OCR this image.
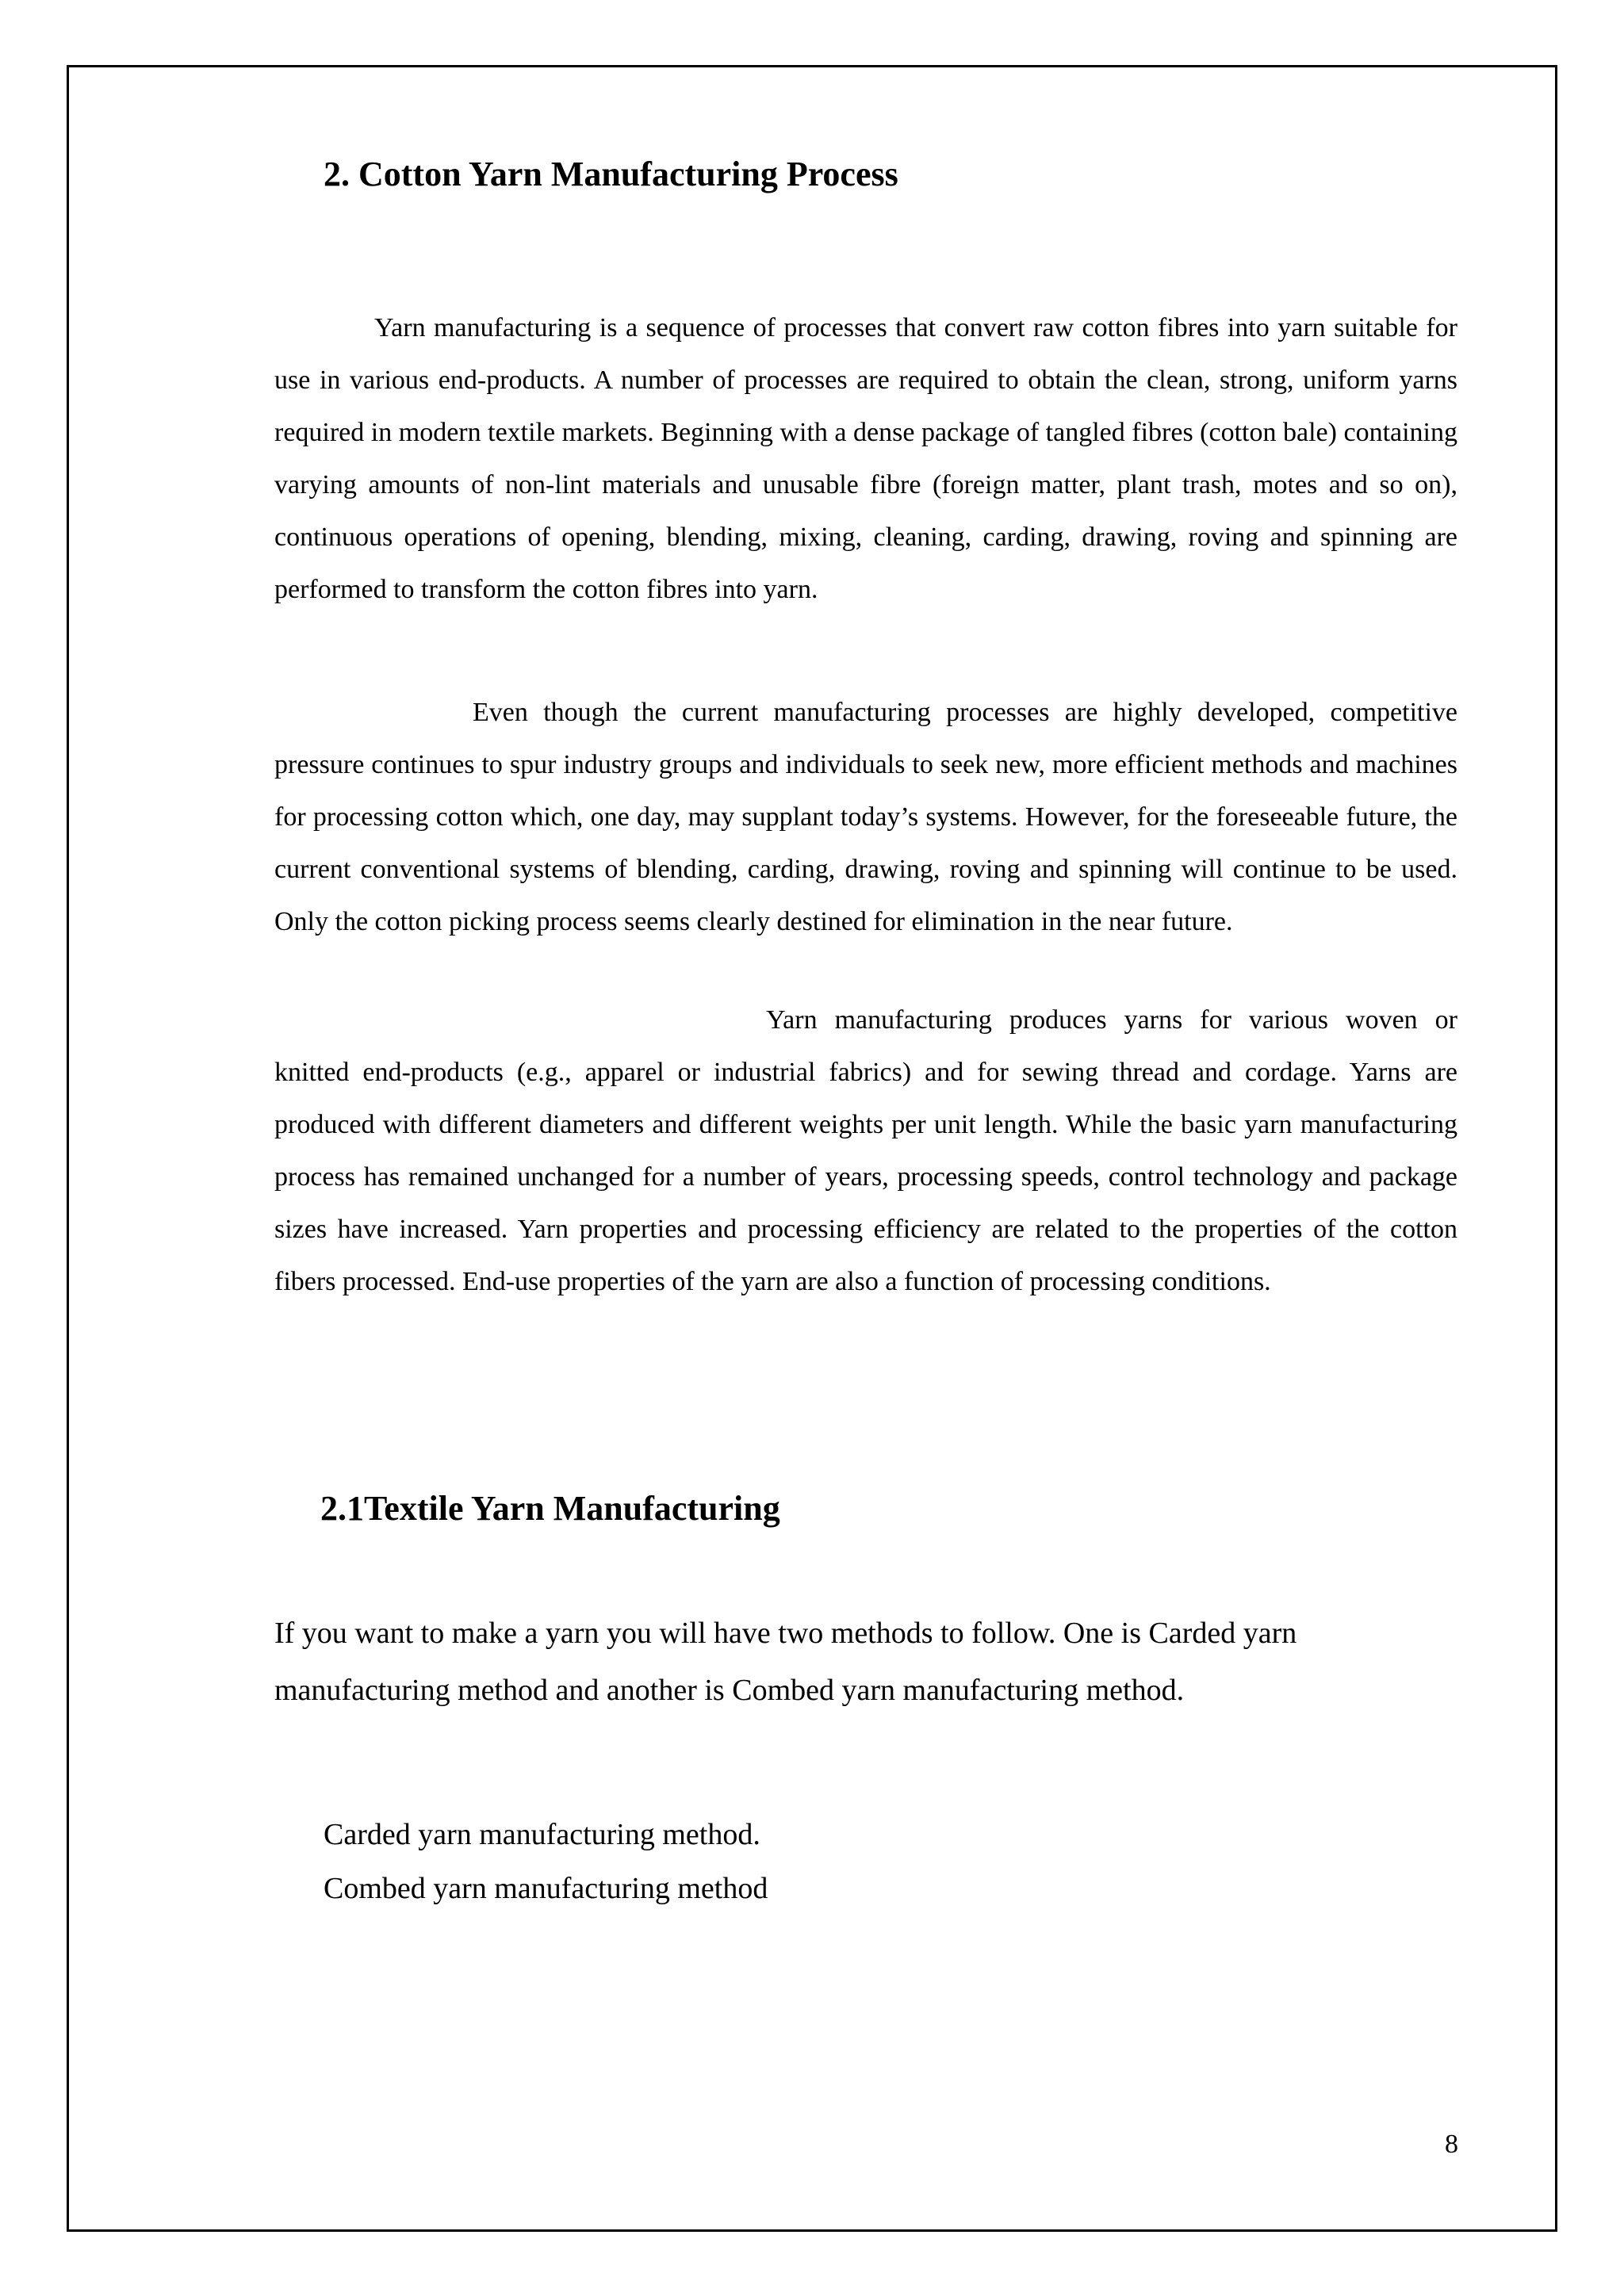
2. Cotton Yarn Manufacturing Process

Yarn manufacturing is a sequence of processes that convert raw cotton fibres into yarn suitable for use in various end-products. A number of processes are required to obtain the clean, strong, uniform yarns required in modern textile markets. Beginning with a dense package of tangled fibres (cotton bale) containing varying amounts of non-lint materials and unusable fibre (foreign matter, plant trash, motes and so on), continuous operations of opening, blending, mixing, cleaning, carding, drawing, roving and spinning are performed to transform the cotton fibres into yarn.

Even though the current manufacturing processes are highly developed, competitive pressure continues to spur industry groups and individuals to seek new, more efficient methods and machines for processing cotton which, one day, may supplant today’s systems. However, for the foreseeable future, the current conventional systems of blending, carding, drawing, roving and spinning will continue to be used. Only the cotton picking process seems clearly destined for elimination in the near future.

Yarn manufacturing produces yarns for various woven or knitted end-products (e.g., apparel or industrial fabrics) and for sewing thread and cordage. Yarns are produced with different diameters and different weights per unit length. While the basic yarn manufacturing process has remained unchanged for a number of years, processing speeds, control technology and package sizes have increased. Yarn properties and processing efficiency are related to the properties of the cotton fibers processed. End-use properties of the yarn are also a function of processing conditions.

2.1Textile Yarn Manufacturing

If you want to make a yarn you will have two methods to follow. One is Carded yarn manufacturing method and another is Combed yarn manufacturing method.

Carded yarn manufacturing method.
Combed yarn manufacturing method
8
